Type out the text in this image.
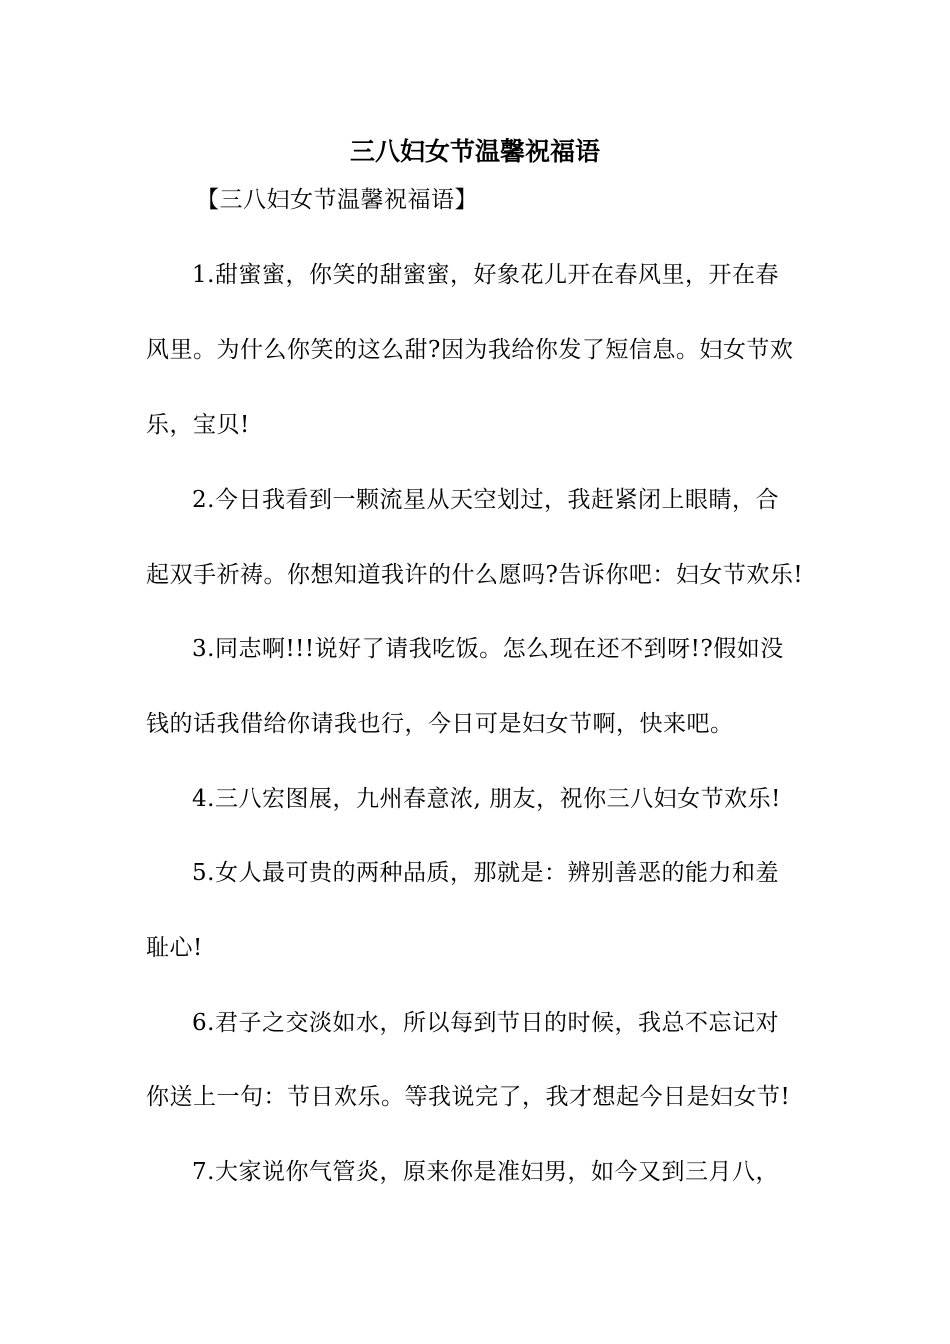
三八妇女节温馨祝福语

【三八妇女节温馨祝福语】

1.甜蜜蜜，你笑的甜蜜蜜，好象花儿开在春风里，开在春

风里。为什么你笑的这么甜?因为我给你发了短信息。妇女节欢

乐，宝贝!

2.今日我看到一颗流星从天空划过，我赶紧闭上眼睛，合

起双手祈祷。你想知道我许的什么愿吗?告诉你吧：妇女节欢乐!

3.同志啊!!!说好了请我吃饭。怎么现在还不到呀!?假如没

钱的话我借给你请我也行，今日可是妇女节啊，快来吧。

4.三八宏图展，九州春意浓, 朋友，祝你三八妇女节欢乐!

5.女人最可贵的两种品质，那就是：辨别善恶的能力和羞

耻心!

6.君子之交淡如水，所以每到节日的时候，我总不忘记对

你送上一句：节日欢乐。等我说完了，我才想起今日是妇女节!

7.大家说你气管炎，原来你是准妇男，如今又到三月八，
